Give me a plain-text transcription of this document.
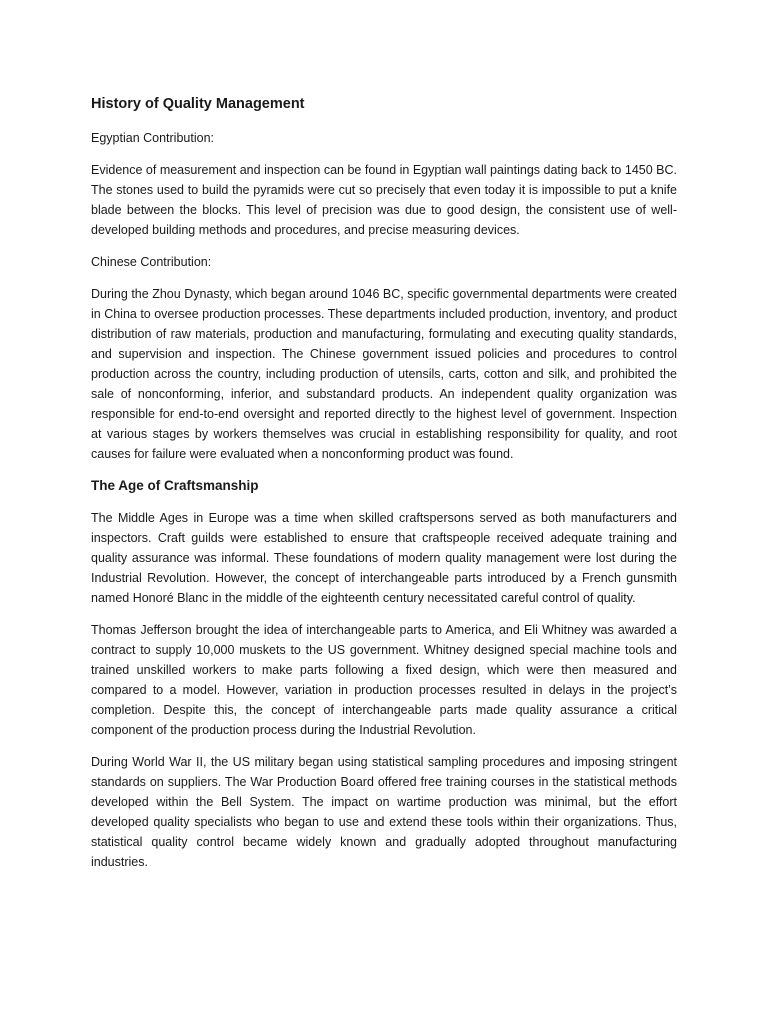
History of Quality Management

Egyptian Contribution:

Evidence of measurement and inspection can be found in Egyptian wall paintings dating back to 1450 BC. The stones used to build the pyramids were cut so precisely that even today it is impossible to put a knife blade between the blocks. This level of precision was due to good design, the consistent use of well-developed building methods and procedures, and precise measuring devices.

Chinese Contribution:

During the Zhou Dynasty, which began around 1046 BC, specific governmental departments were created in China to oversee production processes. These departments included production, inventory, and product distribution of raw materials, production and manufacturing, formulating and executing quality standards, and supervision and inspection. The Chinese government issued policies and procedures to control production across the country, including production of utensils, carts, cotton and silk, and prohibited the sale of nonconforming, inferior, and substandard products. An independent quality organization was responsible for end-to-end oversight and reported directly to the highest level of government. Inspection at various stages by workers themselves was crucial in establishing responsibility for quality, and root causes for failure were evaluated when a nonconforming product was found.

The Age of Craftsmanship

The Middle Ages in Europe was a time when skilled craftspersons served as both manufacturers and inspectors. Craft guilds were established to ensure that craftspeople received adequate training and quality assurance was informal. These foundations of modern quality management were lost during the Industrial Revolution. However, the concept of interchangeable parts introduced by a French gunsmith named Honoré Blanc in the middle of the eighteenth century necessitated careful control of quality.

Thomas Jefferson brought the idea of interchangeable parts to America, and Eli Whitney was awarded a contract to supply 10,000 muskets to the US government. Whitney designed special machine tools and trained unskilled workers to make parts following a fixed design, which were then measured and compared to a model. However, variation in production processes resulted in delays in the project’s completion. Despite this, the concept of interchangeable parts made quality assurance a critical component of the production process during the Industrial Revolution.

During World War II, the US military began using statistical sampling procedures and imposing stringent standards on suppliers. The War Production Board offered free training courses in the statistical methods developed within the Bell System. The impact on wartime production was minimal, but the effort developed quality specialists who began to use and extend these tools within their organizations. Thus, statistical quality control became widely known and gradually adopted throughout manufacturing industries.
